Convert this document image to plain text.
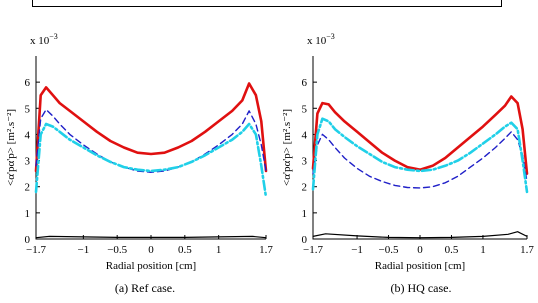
0
1
2
3
4
5
6
−1.7	−1 −0.5 0 0.5 1	1.7
x $10^{-3}$
Radial position [cm]
<α'pα'p> [m².s⁻²]
(a) Ref case.
0
1
2
3
4
5
6
−1.7	−1 −0.5 0 0.5 1	1.7
x $10^{-3}$
Radial position [cm]
<α'pα'p> [m².s⁻²]
(b) HQ case.
